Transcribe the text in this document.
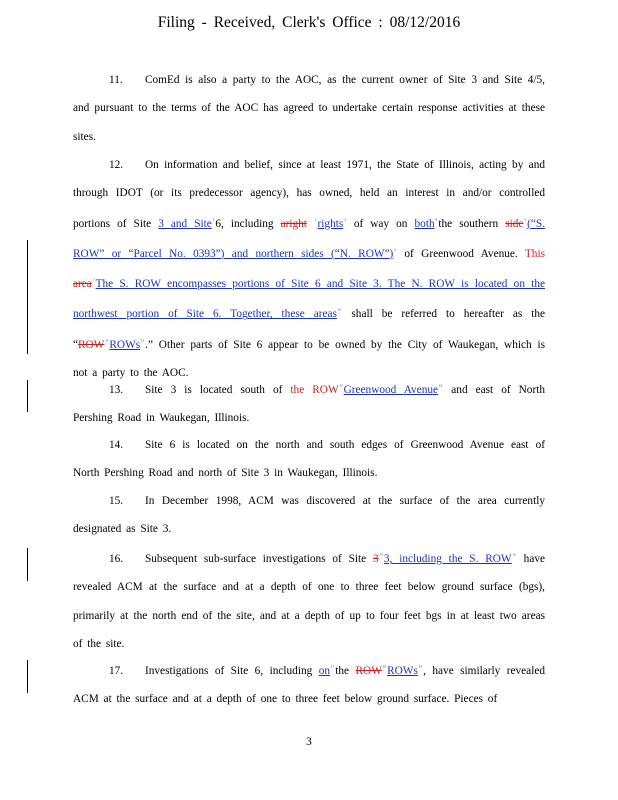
Filing - Received, Clerk's Office : 08/12/2016
11. ComEd is also a party to the AOC, as the current owner of Site 3 and Site 4/5, and pursuant to the terms of the AOC has agreed to undertake certain response activities at these sites.
12. On information and belief, since at least 1971, the State of Illinois, acting by and through IDOT (or its predecessor agency), has owned, held an interest in and/or controlled portions of Site 3 and Site$^{^1}$6, including aright $^{^2}$rights$^{^3}$ of way on both$^{^4}$the southern side$^{^5}$(“S. ROW” or “Parcel No. 0393”) and northern sides (“N. ROW”)$^{^6}$ of Greenwood Avenue. This area$^{^7}$The S. ROW encompasses portions of Site 6 and Site 3. The N. ROW is located on the northwest portion of Site 6. Together, these areas$^{^{10}}$ shall be referred to hereafter as the “$ROW^{^{11}}ROWs^{^{12}}$.” Other parts of Site 6 appear to be owned by the City of Waukegan, which is not a party to the AOC.
13. Site 3 is located south of the $ROW^{^{13}}Greenwood$ Avenue$^{^{14}}$ and east of North Pershing Road in Waukegan, Illinois.
14. Site 6 is located on the north and south edges of Greenwood Avenue east of North Pershing Road and north of Site 3 in Waukegan, Illinois.
15. In December 1998, ACM was discovered at the surface of the area currently designated as Site 3.
16. Subsequent sub-surface investigations of Site $3^{^{15}}3$, including the S. $ROW^{^{16}}$ have revealed ACM at the surface and at a depth of one to three feet below ground surface (bgs), primarily at the north end of the site, and at a depth of up to four feet bgs in at least two areas of the site.
17. Investigations of Site 6, including $on^{^{17}}the$ $ROW^{^{18}}ROWs^{^{19}}$, have similarly revealed ACM at the surface and at a depth of one to three feet below ground surface. Pieces of
3
